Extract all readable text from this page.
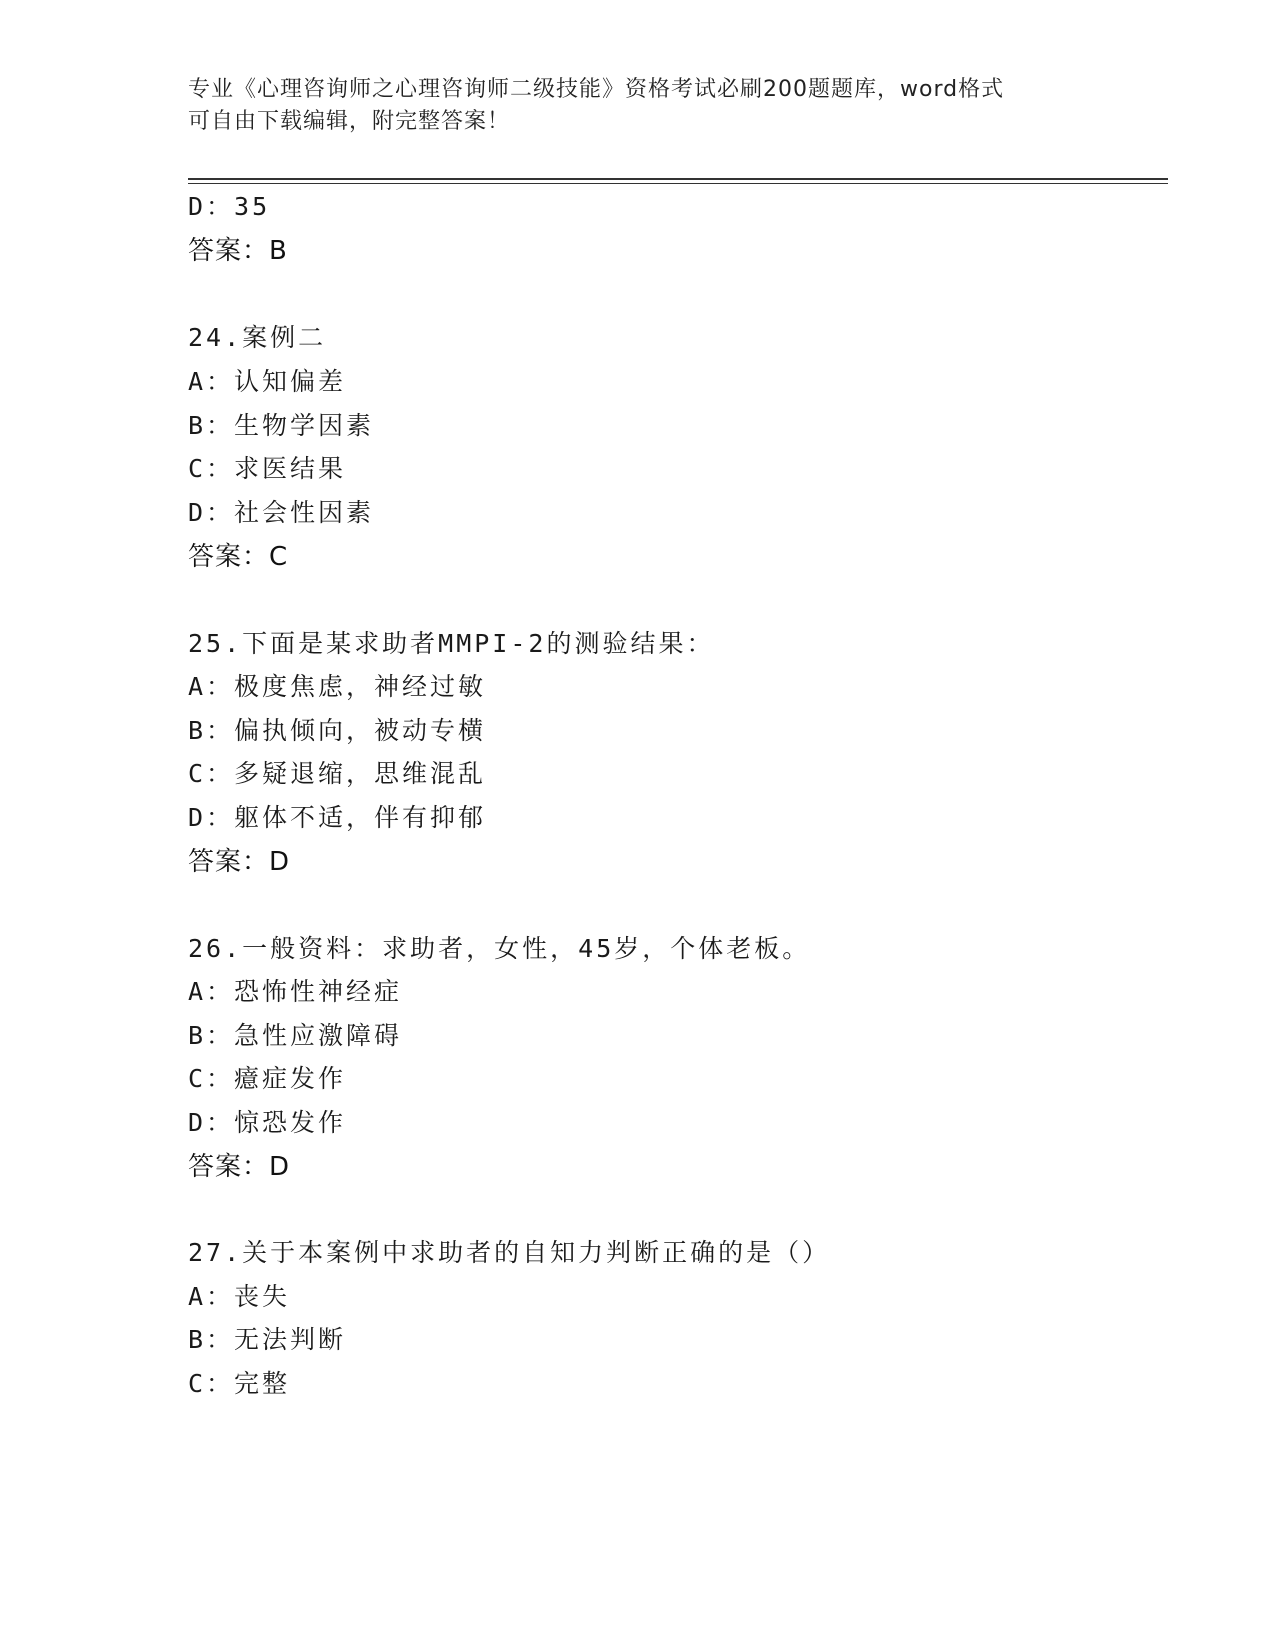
专业《心理咨询师之心理咨询师二级技能》资格考试必刷200题题库，word格式
可自由下载编辑，附完整答案！
D：35
答案：B
24.案例二
A：认知偏差
B：生物学因素
C：求医结果
D：社会性因素
答案：C
25.下面是某求助者MMPI-2的测验结果：
A：极度焦虑，神经过敏
B：偏执倾向，被动专横
C：多疑退缩，思维混乱
D：躯体不适，伴有抑郁
答案：D
26.一般资料：求助者，女性，45岁，个体老板。
A：恐怖性神经症
B：急性应激障碍
C：癔症发作
D：惊恐发作
答案：D
27.关于本案例中求助者的自知力判断正确的是（）
A：丧失
B：无法判断
C：完整
